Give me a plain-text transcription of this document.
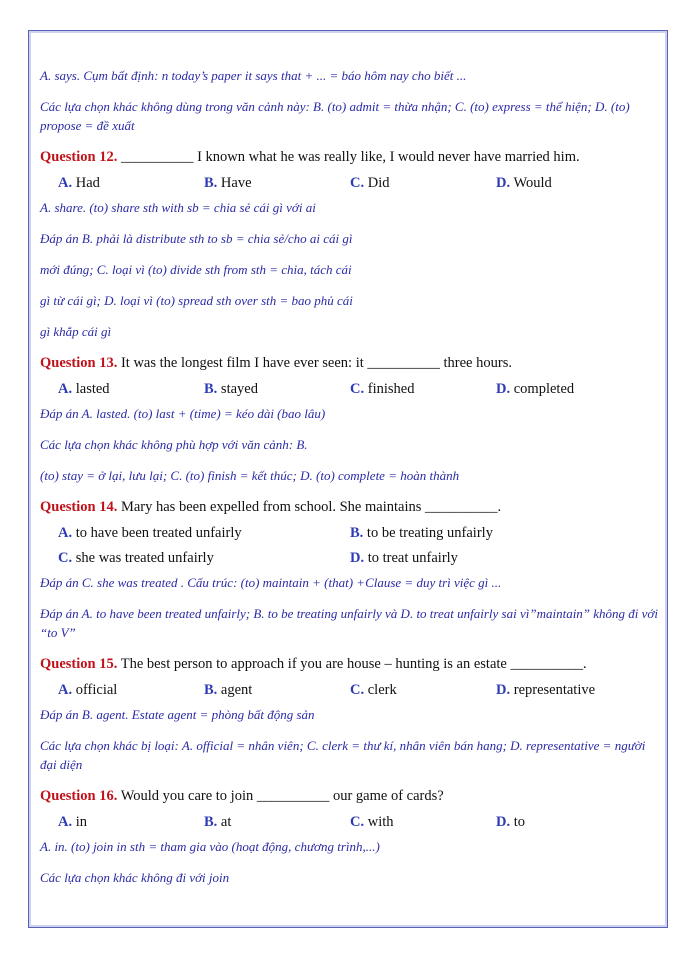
A. says. Cụm bất định: n today’s paper it says that + ... = báo hôm nay cho biết ...

Các lựa chọn khác không dùng trong văn cảnh này: B. (to) admit = thừa nhận; C. (to) express = thể hiện; D. (to) propose = đề xuất

Question 12. __________ I known what he was really like, I would never have married him.

A. Had	B. Have	C. Did	D. Would

A. share. (to) share sth with sb = chia sẻ cái gì với ai

Đáp án B. phải là distribute sth to sb = chia sẻ/cho ai cái gì

mới đúng; C. loại vì (to) divide sth from sth = chia, tách cái

gì từ cái gì; D. loại vì (to) spread sth over sth = bao phủ cái

gì khắp cái gì

Question 13. It was the longest film I have ever seen: it __________ three hours.

A. lasted	B. stayed	C. finished	D. completed

Đáp án A. lasted. (to) last + (time) = kéo dài (bao lâu)

Các lựa chọn khác không phù hợp với văn cảnh: B.

(to) stay = ở lại, lưu lại; C. (to) finish = kết thúc; D. (to) complete = hoàn thành

Question 14. Mary has been expelled from school. She maintains __________.

A. to have been treated unfairly	B. to be treating unfairly
C. she was treated unfairly	D. to treat unfairly

Đáp án C. she was treated . Cấu trúc: (to) maintain + (that) +Clause = duy trì việc gì ...

Đáp án A. to have been treated unfairly; B. to be treating unfairly và D. to treat unfairly sai vì”maintain” không đi với “to V”

Question 15. The best person to approach if you are house – hunting is an estate __________.

A. official	B. agent	C. clerk	D. representative

Đáp án B. agent. Estate agent = phòng bất động sản

Các lựa chọn khác bị loại: A. official = nhân viên; C. clerk = thư kí, nhân viên bán hang; D. representative = người đại diện

Question 16. Would you care to join __________ our game of cards?

A. in	B. at	C. with	D. to

A. in. (to) join in sth = tham gia vào (hoạt động, chương trình,...)

Các lựa chọn khác không đi với join
